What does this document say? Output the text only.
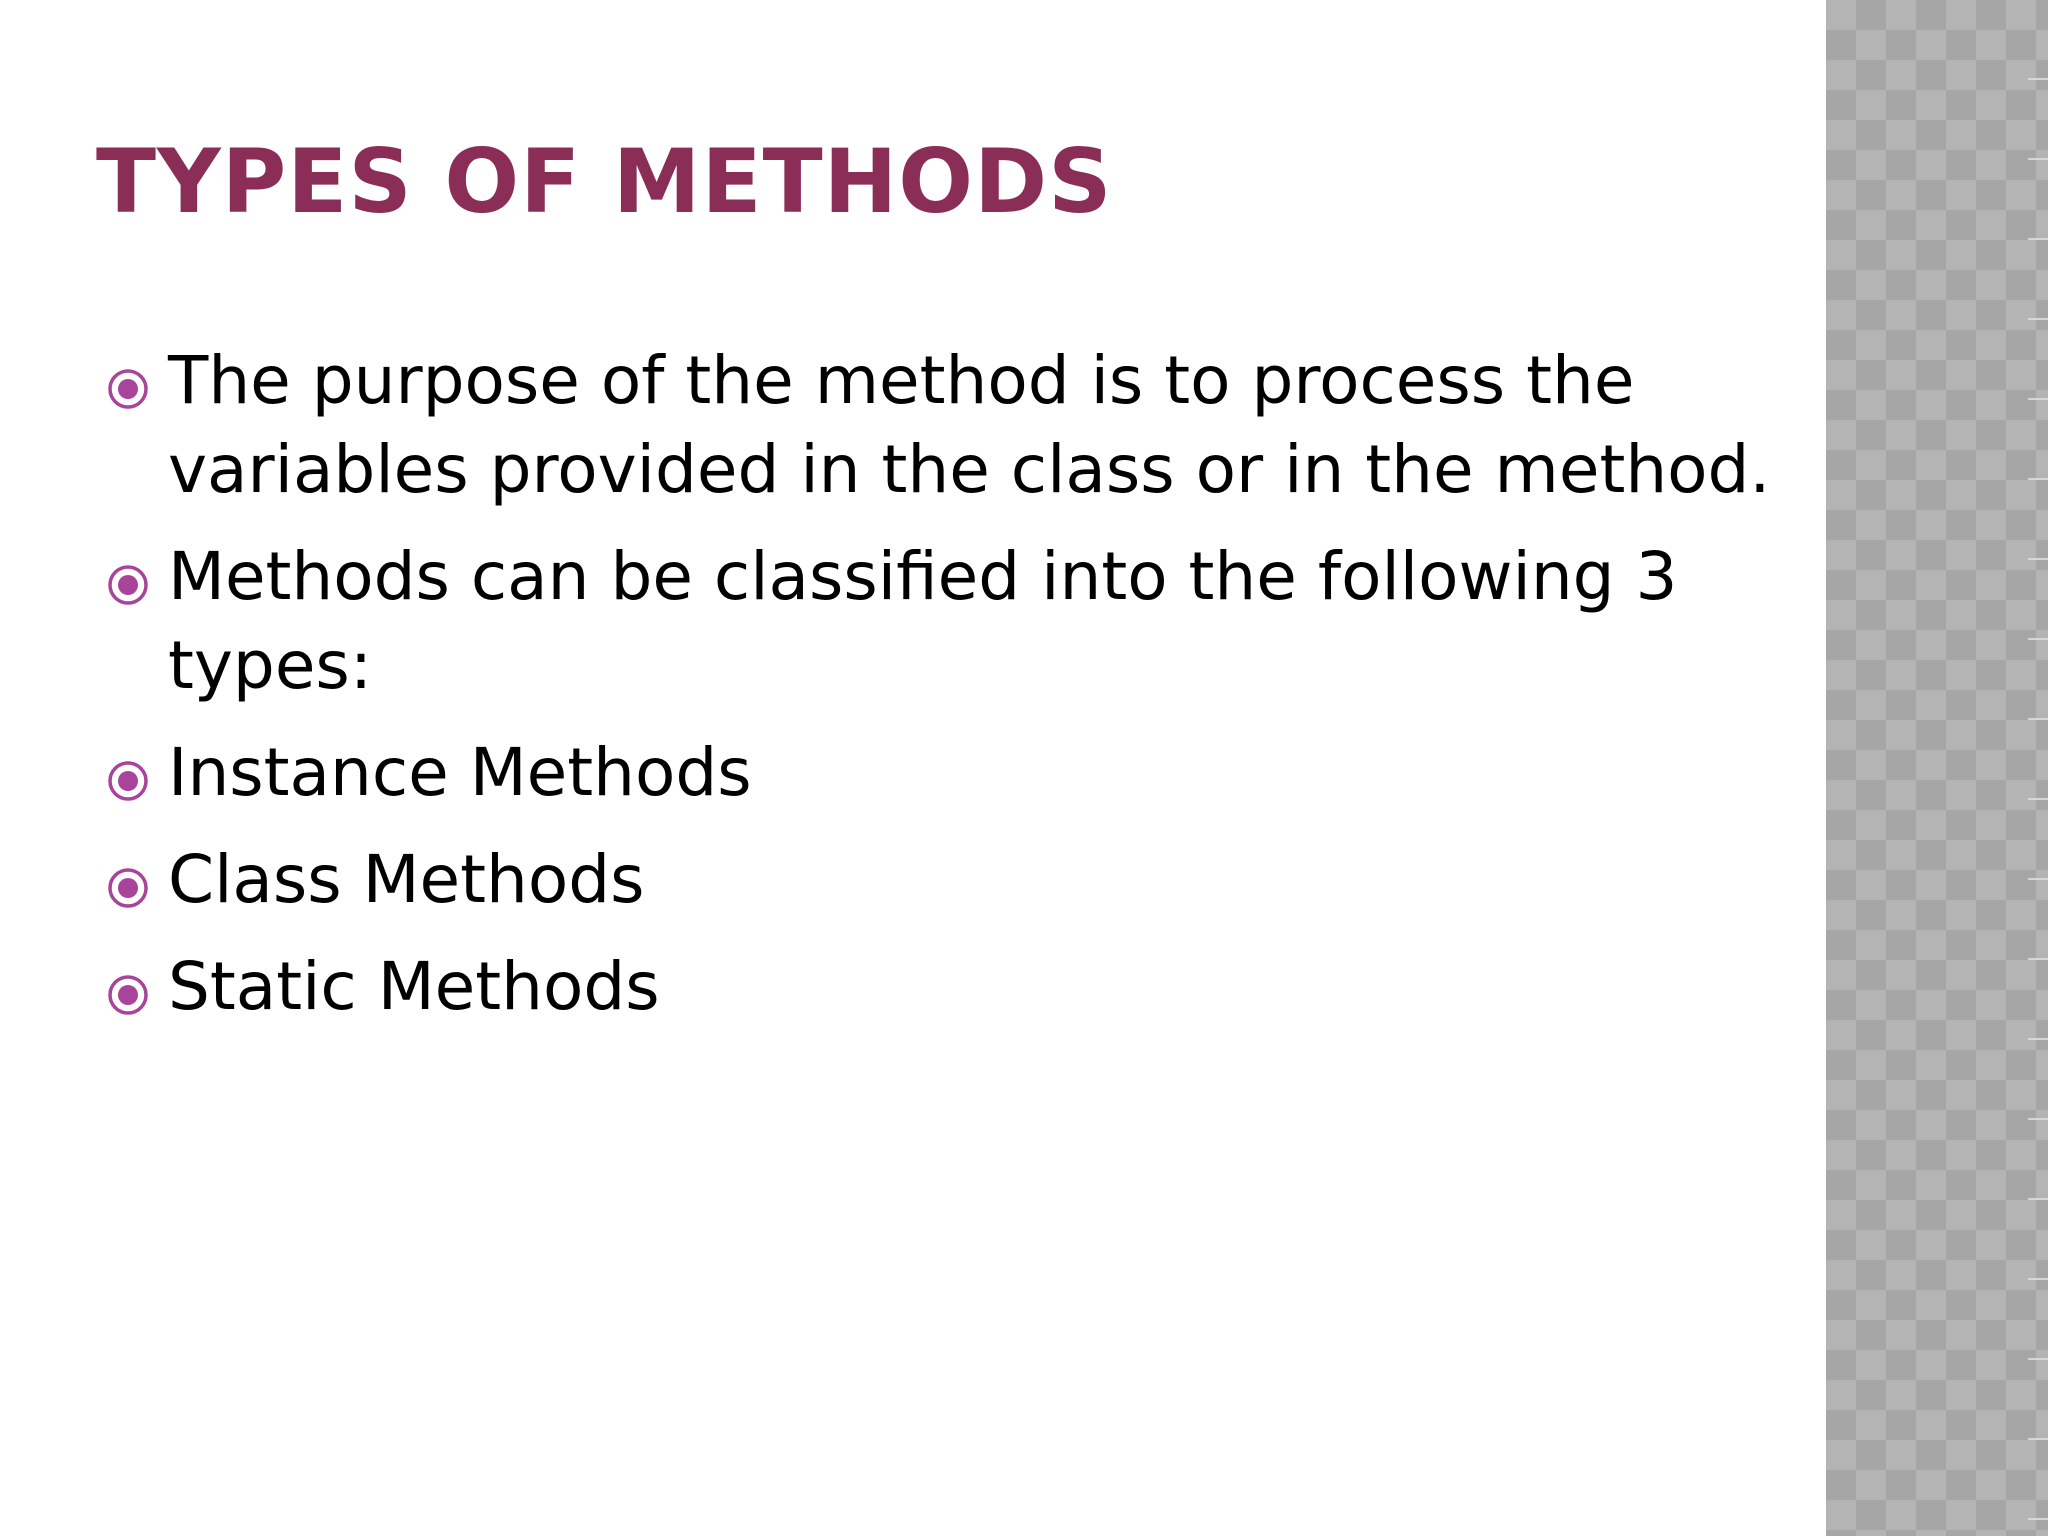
TYPES OF METHODS
The purpose of the method is to process the variables provided in the class or in the method.
Methods can be classified into the following 3 types:
Instance Methods
Class Methods
Static Methods
